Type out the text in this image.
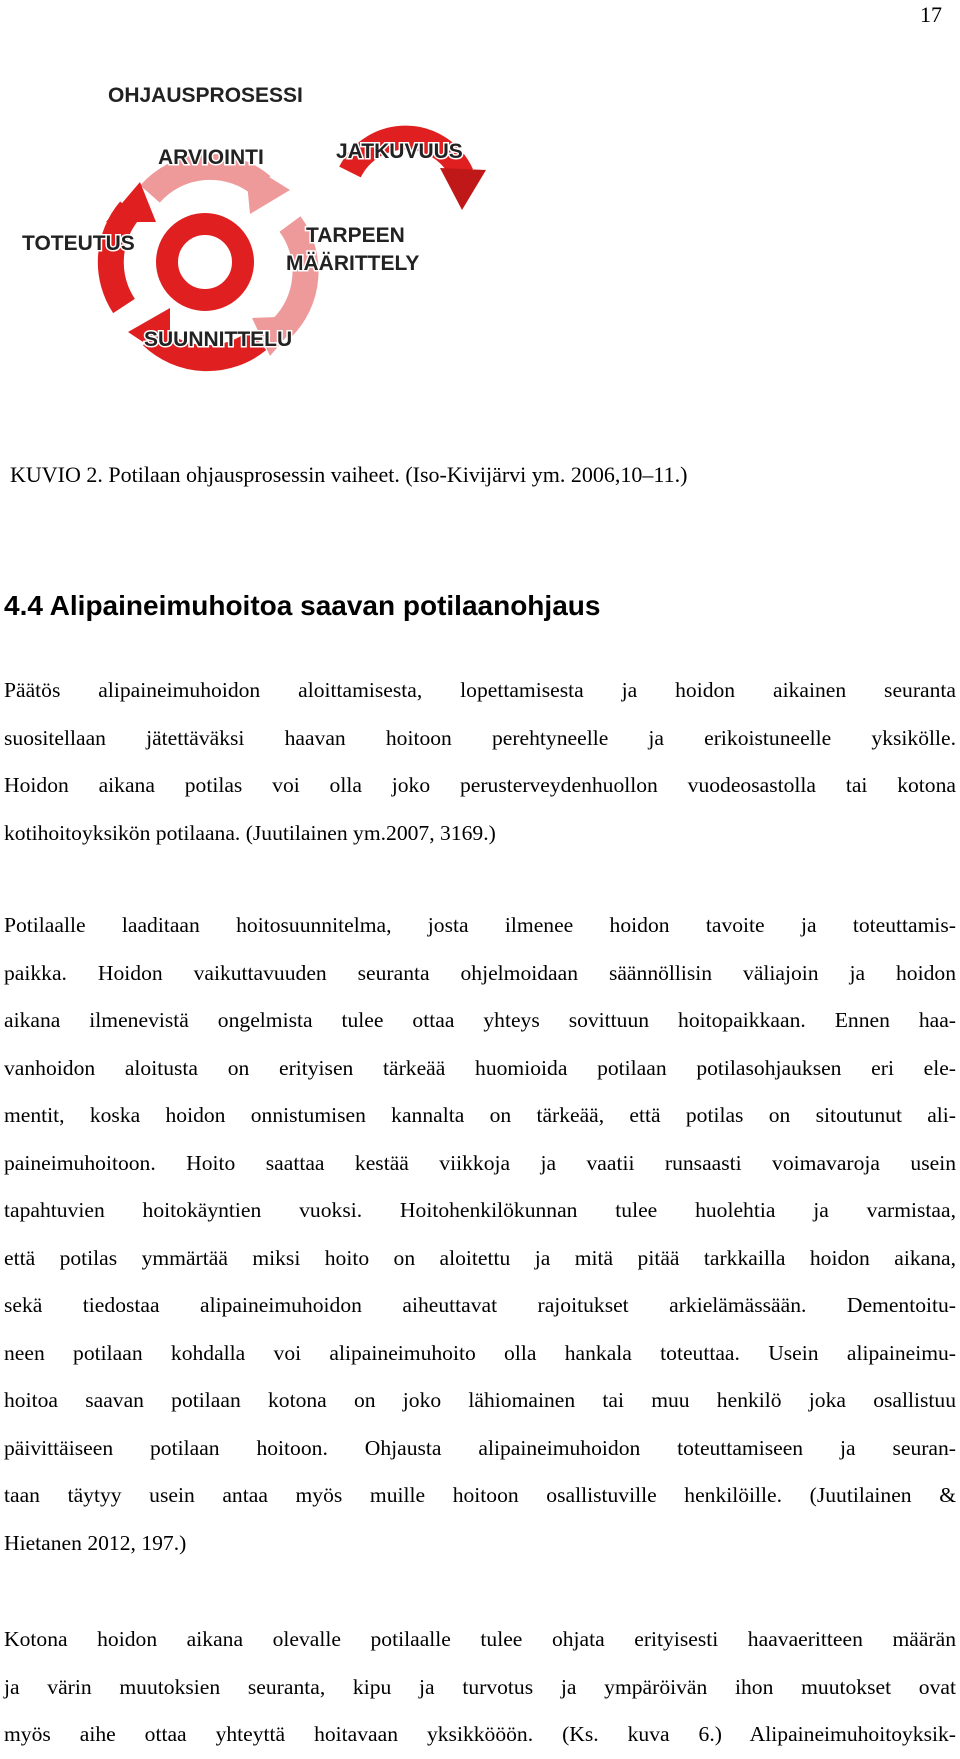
17
OHJAUSPROSESSI
ARVIOINTI	JATKUVUUS
TOTEUTUS	TARPEEN
MÄÄRITTELY
SUUNNITTELU
KUVIO 2. Potilaan ohjausprosessin vaiheet. (Iso-Kivijärvi ym. 2006,10–11.)
4.4 Alipaineimuhoitoa saavan potilaanohjaus
Päätös alipaineimuhoidon aloittamisesta, lopettamisesta ja hoidon aikainen seuranta
suositellaan jätettäväksi haavan hoitoon perehtyneelle ja erikoistuneelle yksikölle.
Hoidon aikana potilas voi olla joko perusterveydenhuollon vuodeosastolla tai kotona
kotihoitoyksikön potilaana. (Juutilainen ym.2007, 3169.)
Potilaalle laaditaan hoitosuunnitelma, josta ilmenee hoidon tavoite ja toteuttamis-
paikka. Hoidon vaikuttavuuden seuranta ohjelmoidaan säännöllisin väliajoin ja hoidon
aikana ilmenevistä ongelmista tulee ottaa yhteys sovittuun hoitopaikkaan. Ennen haa-
vanhoidon aloitusta on erityisen tärkeää huomioida potilaan potilasohjauksen eri ele-
mentit, koska hoidon onnistumisen kannalta on tärkeää, että potilas on sitoutunut ali-
paineimuhoitoon. Hoito saattaa kestää viikkoja ja vaatii runsaasti voimavaroja usein
tapahtuvien hoitokäyntien vuoksi. Hoitohenkilökunnan tulee huolehtia ja varmistaa,
että potilas ymmärtää miksi hoito on aloitettu ja mitä pitää tarkkailla hoidon aikana,
sekä tiedostaa alipaineimuhoidon aiheuttavat rajoitukset arkielämässään. Dementoitu-
neen potilaan kohdalla voi alipaineimuhoito olla hankala toteuttaa. Usein alipaineimu-
hoitoa saavan potilaan kotona on joko lähiomainen tai muu henkilö joka osallistuu
päivittäiseen potilaan hoitoon. Ohjausta alipaineimuhoidon toteuttamiseen ja seuran-
taan täytyy usein antaa myös muille hoitoon osallistuville henkilöille. (Juutilainen &
Hietanen 2012, 197.)
Kotona hoidon aikana olevalle potilaalle tulee ohjata erityisesti haavaeritteen määrän
ja värin muutoksien seuranta, kipu ja turvotus ja ympäröivän ihon muutokset ovat
myös aihe ottaa yhteyttä hoitavaan yksikkööön. (Ks. kuva 6.) Alipaineimuhoitoyksik-
